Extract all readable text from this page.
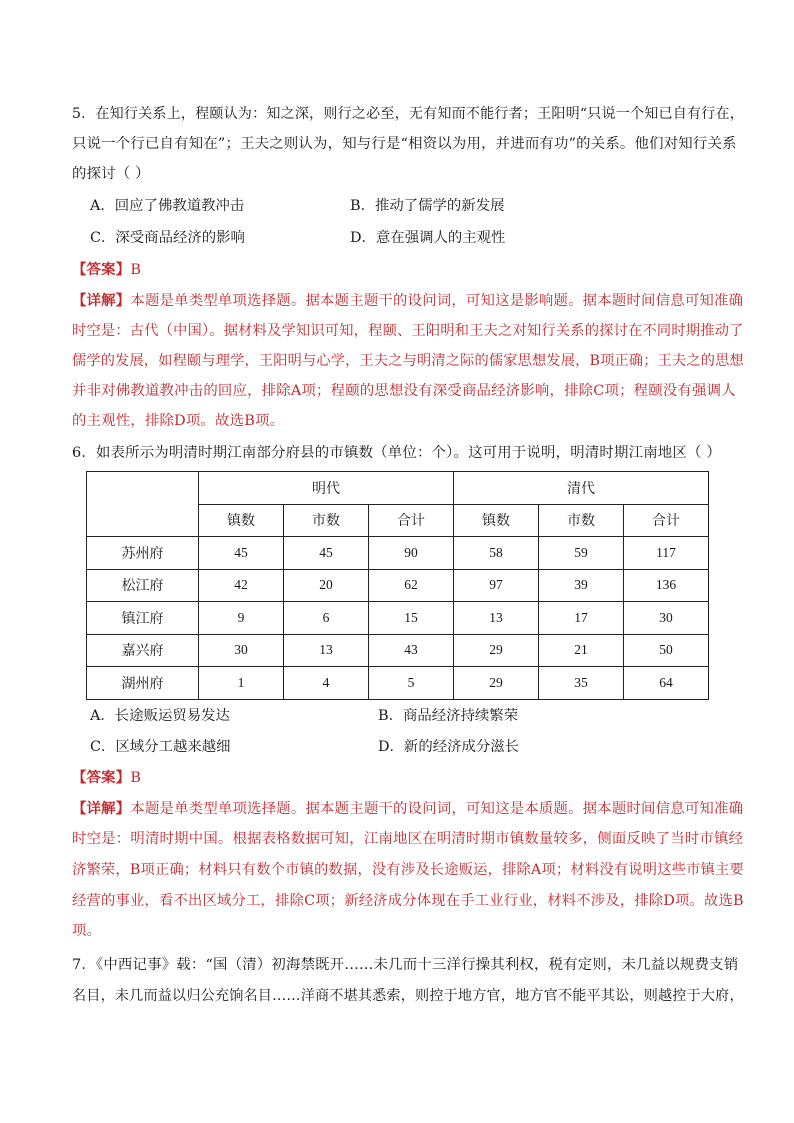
5．在知行关系上，程颐认为：知之深，则行之必至，无有知而不能行者；王阳明“只说一个知已自有行在，
只说一个行已自有知在”；王夫之则认为，知与行是“相资以为用，并进而有功”的关系。他们对知行关系
的探讨（ ）
A．回应了佛教道教冲击	B．推动了儒学的新发展
C．深受商品经济的影响	D．意在强调人的主观性
【答案】B
【详解】本题是单类型单项选择题。据本题主题干的设问词，可知这是影响题。据本题时间信息可知准确
时空是：古代（中国）。据材料及学知识可知，程颐、王阳明和王夫之对知行关系的探讨在不同时期推动了
儒学的发展，如程颐与理学，王阳明与心学，王夫之与明清之际的儒家思想发展，B项正确；王夫之的思想
并非对佛教道教冲击的回应，排除A项；程颐的思想没有深受商品经济影响，排除C项；程颐没有强调人
的主观性，排除D项。故选B项。
6．如表所示为明清时期江南部分府县的市镇数（单位：个）。这可用于说明，明清时期江南地区（ ）
	明代			清代		
	镇数	市数	合计	镇数	市数	合计
苏州府	45	45	90	58	59	117
松江府	42	20	62	97	39	136
镇江府	9	6	15	13	17	30
嘉兴府	30	13	43	29	21	50
湖州府	1	4	5	29	35	64
A．长途贩运贸易发达	B．商品经济持续繁荣
C．区域分工越来越细	D．新的经济成分滋长
【答案】B
【详解】本题是单类型单项选择题。据本题主题干的设问词，可知这是本质题。据本题时间信息可知准确
时空是：明清时期中国。根据表格数据可知，江南地区在明清时期市镇数量较多，侧面反映了当时市镇经
济繁荣，B项正确；材料只有数个市镇的数据，没有涉及长途贩运，排除A项；材料没有说明这些市镇主要
经营的事业，看不出区域分工，排除C项；新经济成分体现在手工业行业，材料不涉及，排除D项。故选B
项。
7．《中西记事》载：“国（清）初海禁既开……未几而十三洋行操其利权，税有定则，未几益以规费支销
名目，未几而益以归公充饷名目……洋商不堪其悉索，则控于地方官，地方官不能平其讼，则越控于大府，
